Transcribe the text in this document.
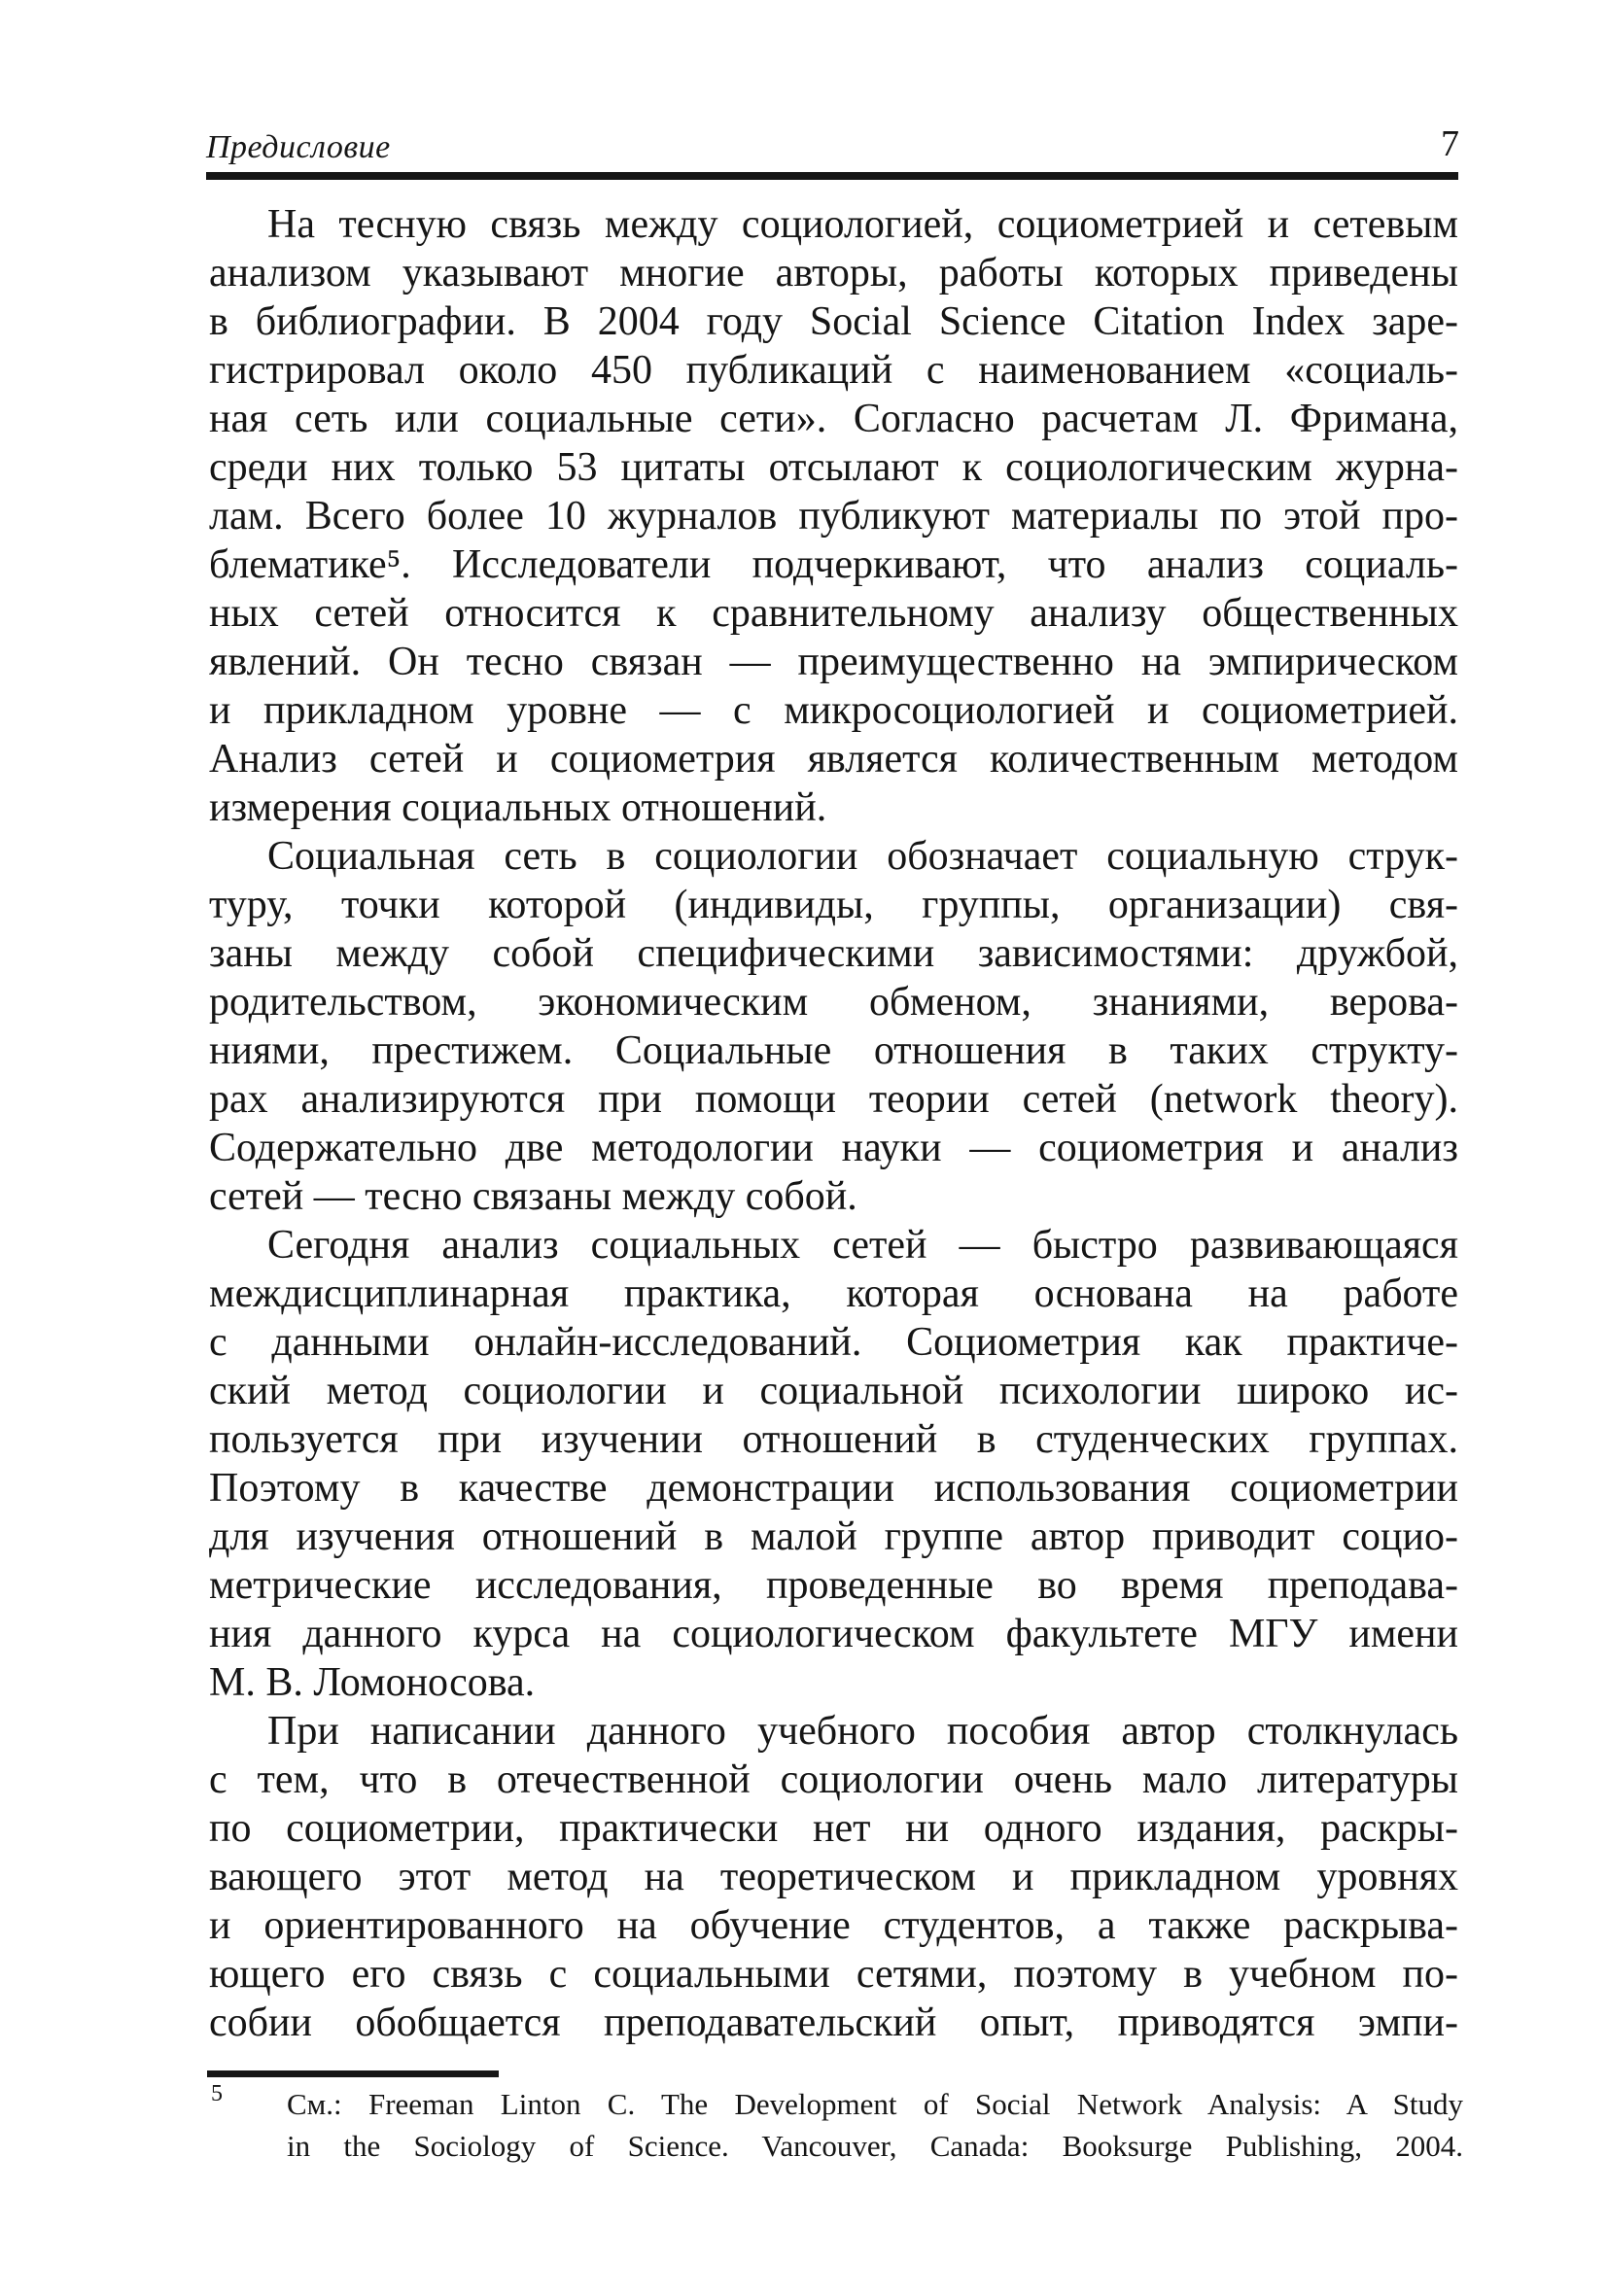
Предисловие	7
На тесную связь между социологией, социометрией и сетевым
анализом указывают многие авторы, работы которых приведены
в библиографии. В 2004 году Social Science Citation Index заре-
гистрировал около 450 публикаций с наименованием «социаль-
ная сеть или социальные сети». Согласно расчетам Л. Фримана,
среди них только 53 цитаты отсылают к социологическим журна-
лам. Всего более 10 журналов публикуют материалы по этой про-
блематике⁵. Исследователи подчеркивают, что анализ социаль-
ных сетей относится к сравнительному анализу общественных
явлений. Он тесно связан — преимущественно на эмпирическом
и прикладном уровне — с микросоциологией и социометрией.
Анализ сетей и социометрия является количественным методом
измерения социальных отношений.
Социальная сеть в социологии обозначает социальную струк-
туру, точки которой (индивиды, группы, организации) свя-
заны между собой специфическими зависимостями: дружбой,
родительством, экономическим обменом, знаниями, верова-
ниями, престижем. Социальные отношения в таких структу-
рах анализируются при помощи теории сетей (network theory).
Содержательно две методологии науки — социометрия и анализ
сетей — тесно связаны между собой.
Сегодня анализ социальных сетей — быстро развивающаяся
междисциплинарная практика, которая основана на работе
с данными онлайн-исследований. Социометрия как практиче-
ский метод социологии и социальной психологии широко ис-
пользуется при изучении отношений в студенческих группах.
Поэтому в качестве демонстрации использования социометрии
для изучения отношений в малой группе автор приводит социо-
метрические исследования, проведенные во время преподава-
ния данного курса на социологическом факультете МГУ имени
М. В. Ломоносова.
При написании данного учебного пособия автор столкнулась
с тем, что в отечественной социологии очень мало литературы
по социометрии, практически нет ни одного издания, раскры-
вающего этот метод на теоретическом и прикладном уровнях
и ориентированного на обучение студентов, а также раскрыва-
ющего его связь с социальными сетями, поэтому в учебном по-
собии обобщается преподавательский опыт, приводятся эмпи-
5 См.: Freeman Linton C. The Development of Social Network Analysis: A Study
in the Sociology of Science. Vancouver, Canada: Booksurge Publishing, 2004.
